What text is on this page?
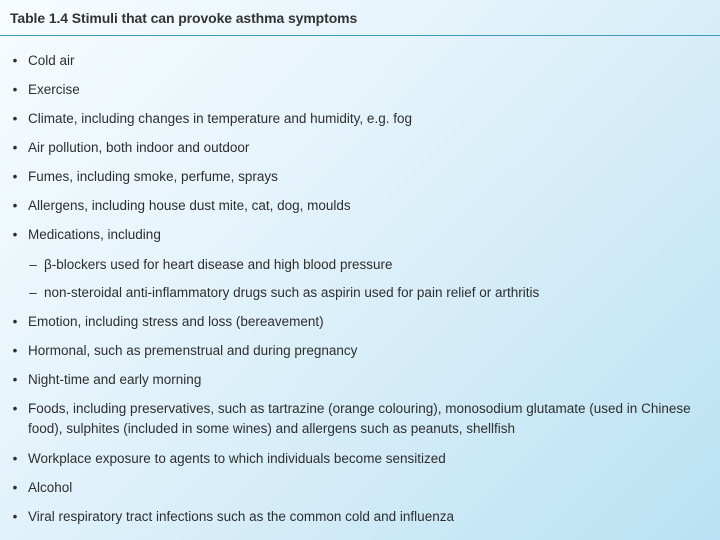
Table 1.4 Stimuli that can provoke asthma symptoms
• Cold air
• Exercise
• Climate, including changes in temperature and humidity, e.g. fog
• Air pollution, both indoor and outdoor
• Fumes, including smoke, perfume, sprays
• Allergens, including house dust mite, cat, dog, moulds
• Medications, including
– β-blockers used for heart disease and high blood pressure
– non-steroidal anti-inflammatory drugs such as aspirin used for pain relief or arthritis
• Emotion, including stress and loss (bereavement)
• Hormonal, such as premenstrual and during pregnancy
• Night-time and early morning
• Foods, including preservatives, such as tartrazine (orange colouring), monosodium glutamate (used in Chinese food), sulphites (included in some wines) and allergens such as peanuts, shellfish
• Workplace exposure to agents to which individuals become sensitized
• Alcohol
• Viral respiratory tract infections such as the common cold and influenza
